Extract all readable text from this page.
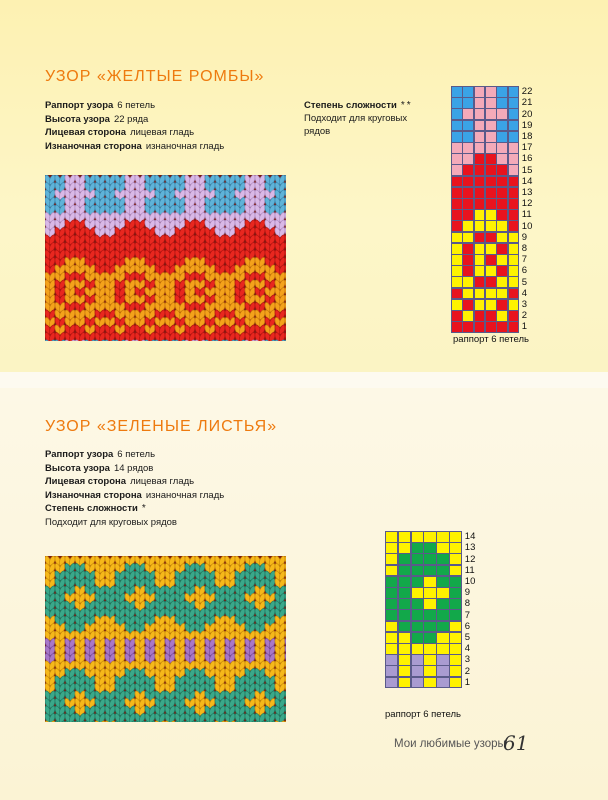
УЗОР «ЖЕЛТЫЕ РОМБЫ»
Раппорт узора 6 петель
Высота узора 22 ряда
Лицевая сторона лицевая гладь
Изнаночная сторона изнаночная гладь
Степень сложности **
Подходит для круговых рядов
22
21
20
19
18
17
16
15
14
13
12
11
10
9
8
7
6
5
4
3
2
1
раппорт 6 петель
УЗОР «ЗЕЛЕНЫЕ ЛИСТЬЯ»
Раппорт узора 6 петель
Высота узора 14 рядов
Лицевая сторона лицевая гладь
Изнаночная сторона изнаночная гладь
Степень сложности *
Подходит для круговых рядов
14
13
12
11
10
9
8
7
6
5
4
3
2
1
раппорт 6 петель
Мои любимые узоры
61
